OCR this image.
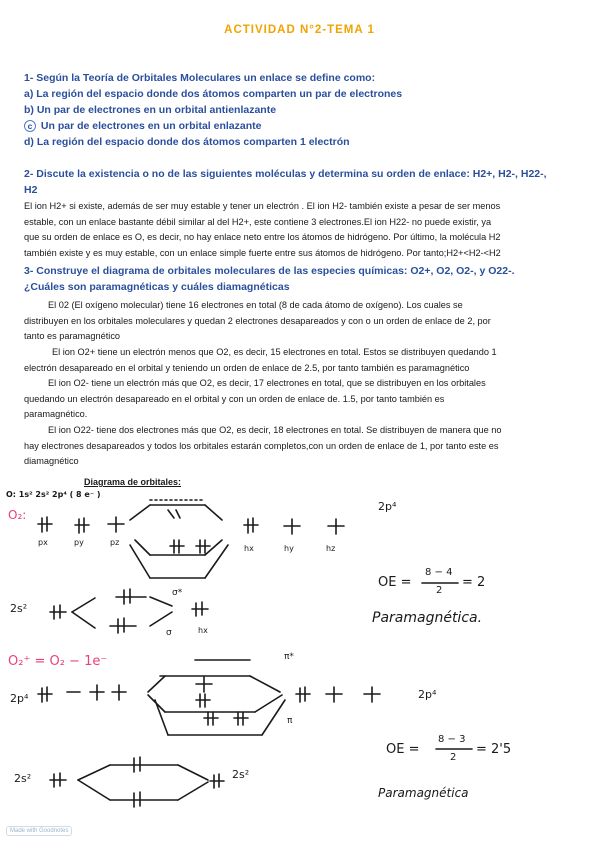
ACTIVIDAD N°2-TEMA 1
1- Según la Teoría de Orbitales Moleculares un enlace se define como:
a) La región del espacio donde dos átomos comparten un par de electrones
b) Un par de electrones en un orbital antienlazante
c Un par de electrones en un orbital enlazante
d) La región del espacio donde dos átomos comparten 1 electrón
2- Discute la existencia o no de las siguientes moléculas y determina su orden de enlace: H2+, H2-, H22-,
H2
El ion H2+ si existe, además de ser muy estable y tener un electrón . El ion H2- también existe a pesar de ser menos
estable, con un enlace bastante débil similar al del H2+, este contiene 3 electrones.El ion H22- no puede existir, ya
que su orden de enlace es O, es decir, no hay enlace neto entre los átomos de hidrógeno. Por último, la molécula H2
también existe y es muy estable, con un enlace simple fuerte entre sus átomos de hidrógeno. Por tanto;H2+<H2-<H2
3- Construye el diagrama de orbitales moleculares de las especies químicas: O2+, O2, O2-, y O22-.
¿Cuáles son paramagnéticas y cuáles diamagnéticas
El 02 (El oxígeno molecular) tiene 16 electrones en total (8 de cada átomo de oxígeno). Los cuales se
distribuyen en los orbitales moleculares y quedan 2 electrones desapareados y con o un orden de enlace de 2, por
tanto es paramagnético
El ion O2+ tiene un electrón menos que O2, es decir, 15 electrones en total. Estos se distribuyen quedando 1
electrón desapareado en el orbital y teniendo un orden de enlace de 2.5, por tanto también es paramagnético
El ion O2- tiene un electrón más que O2, es decir, 17 electrones en total, que se distribuyen en los orbitales
quedando un electrón desapareado en el orbital y con un orden de enlace de. 1.5, por tanto también es
paramagnético.
El ion O22- tiene dos electrones más que O2, es decir, 18 electrones en total. Se distribuyen de manera que no
hay electrones desapareados y todos los orbitales estarán completos,con un orden de enlace de 1, por tanto este es
diamagnético
Diagrama de orbitales:
O: 1s² 2s² 2p⁴ ( 8 e⁻ )
O₂:
px	py	pz
hx	hy	hz
2p⁴
OE =
8 − 4
2
= 2
Paramagnética.
2s²
σ
σ*
hx
O₂⁺ = O₂ − 1e⁻
2p⁴
π*
π
2p⁴
OE =
8 − 3
2
= 2'5
Paramagnética
2s²	2s²
Made with Goodnotes
